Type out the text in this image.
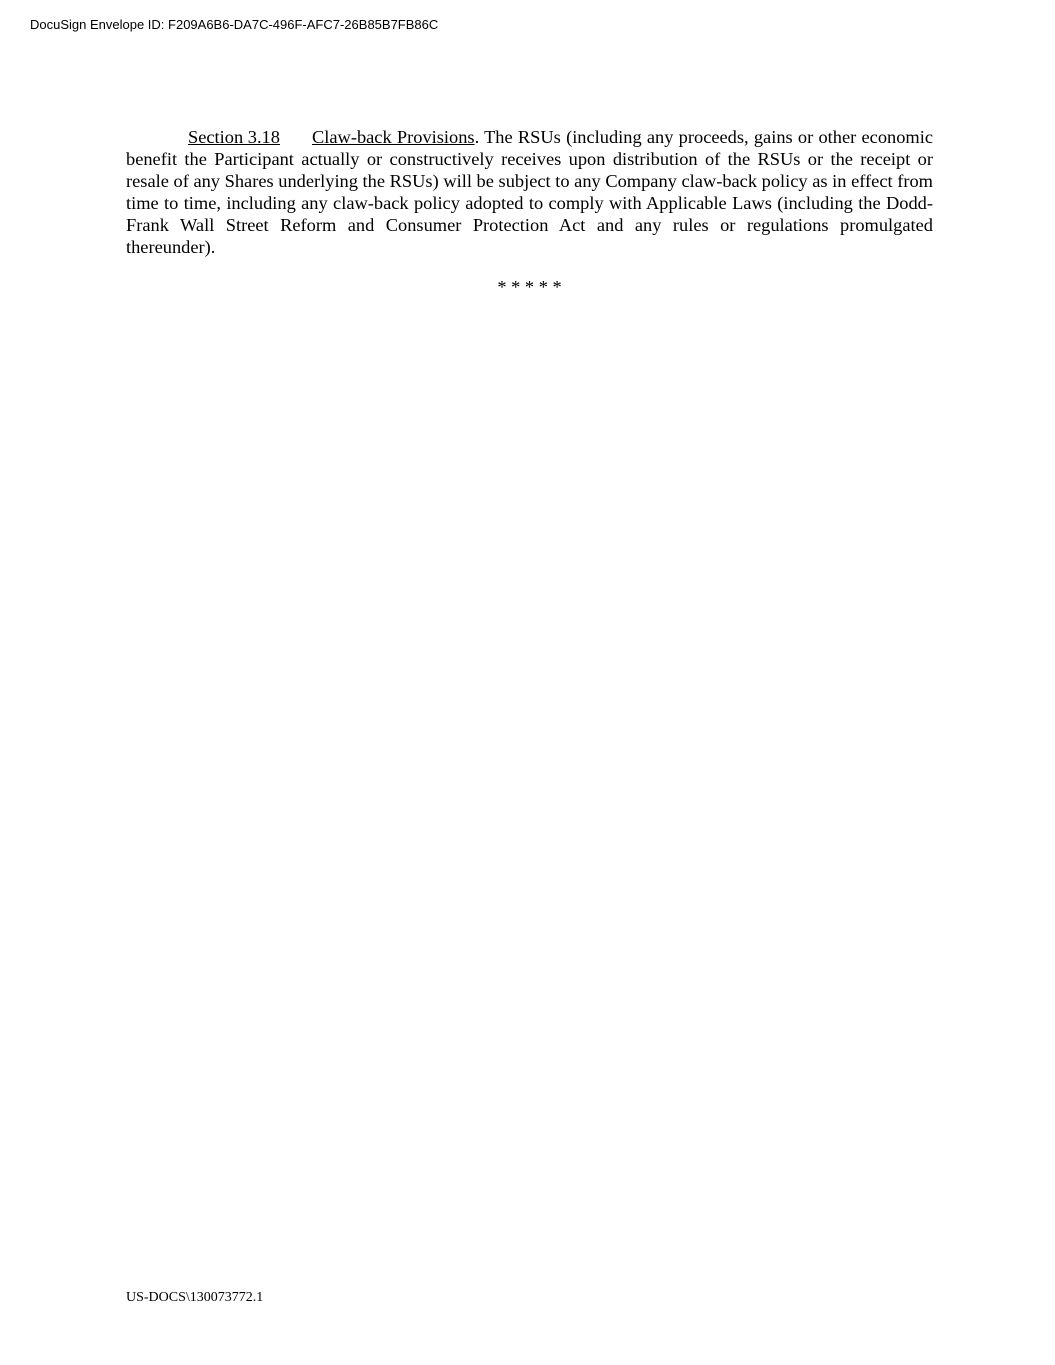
DocuSign Envelope ID: F209A6B6-DA7C-496F-AFC7-26B85B7FB86C

Section 3.18 Claw-back Provisions. The RSUs (including any proceeds, gains or other economic benefit the Participant actually or constructively receives upon distribution of the RSUs or the receipt or resale of any Shares underlying the RSUs) will be subject to any Company claw-back policy as in effect from time to time, including any claw-back policy adopted to comply with Applicable Laws (including the Dodd-Frank Wall Street Reform and Consumer Protection Act and any rules or regulations promulgated thereunder).

* * * * *
US-DOCS\130073772.1
